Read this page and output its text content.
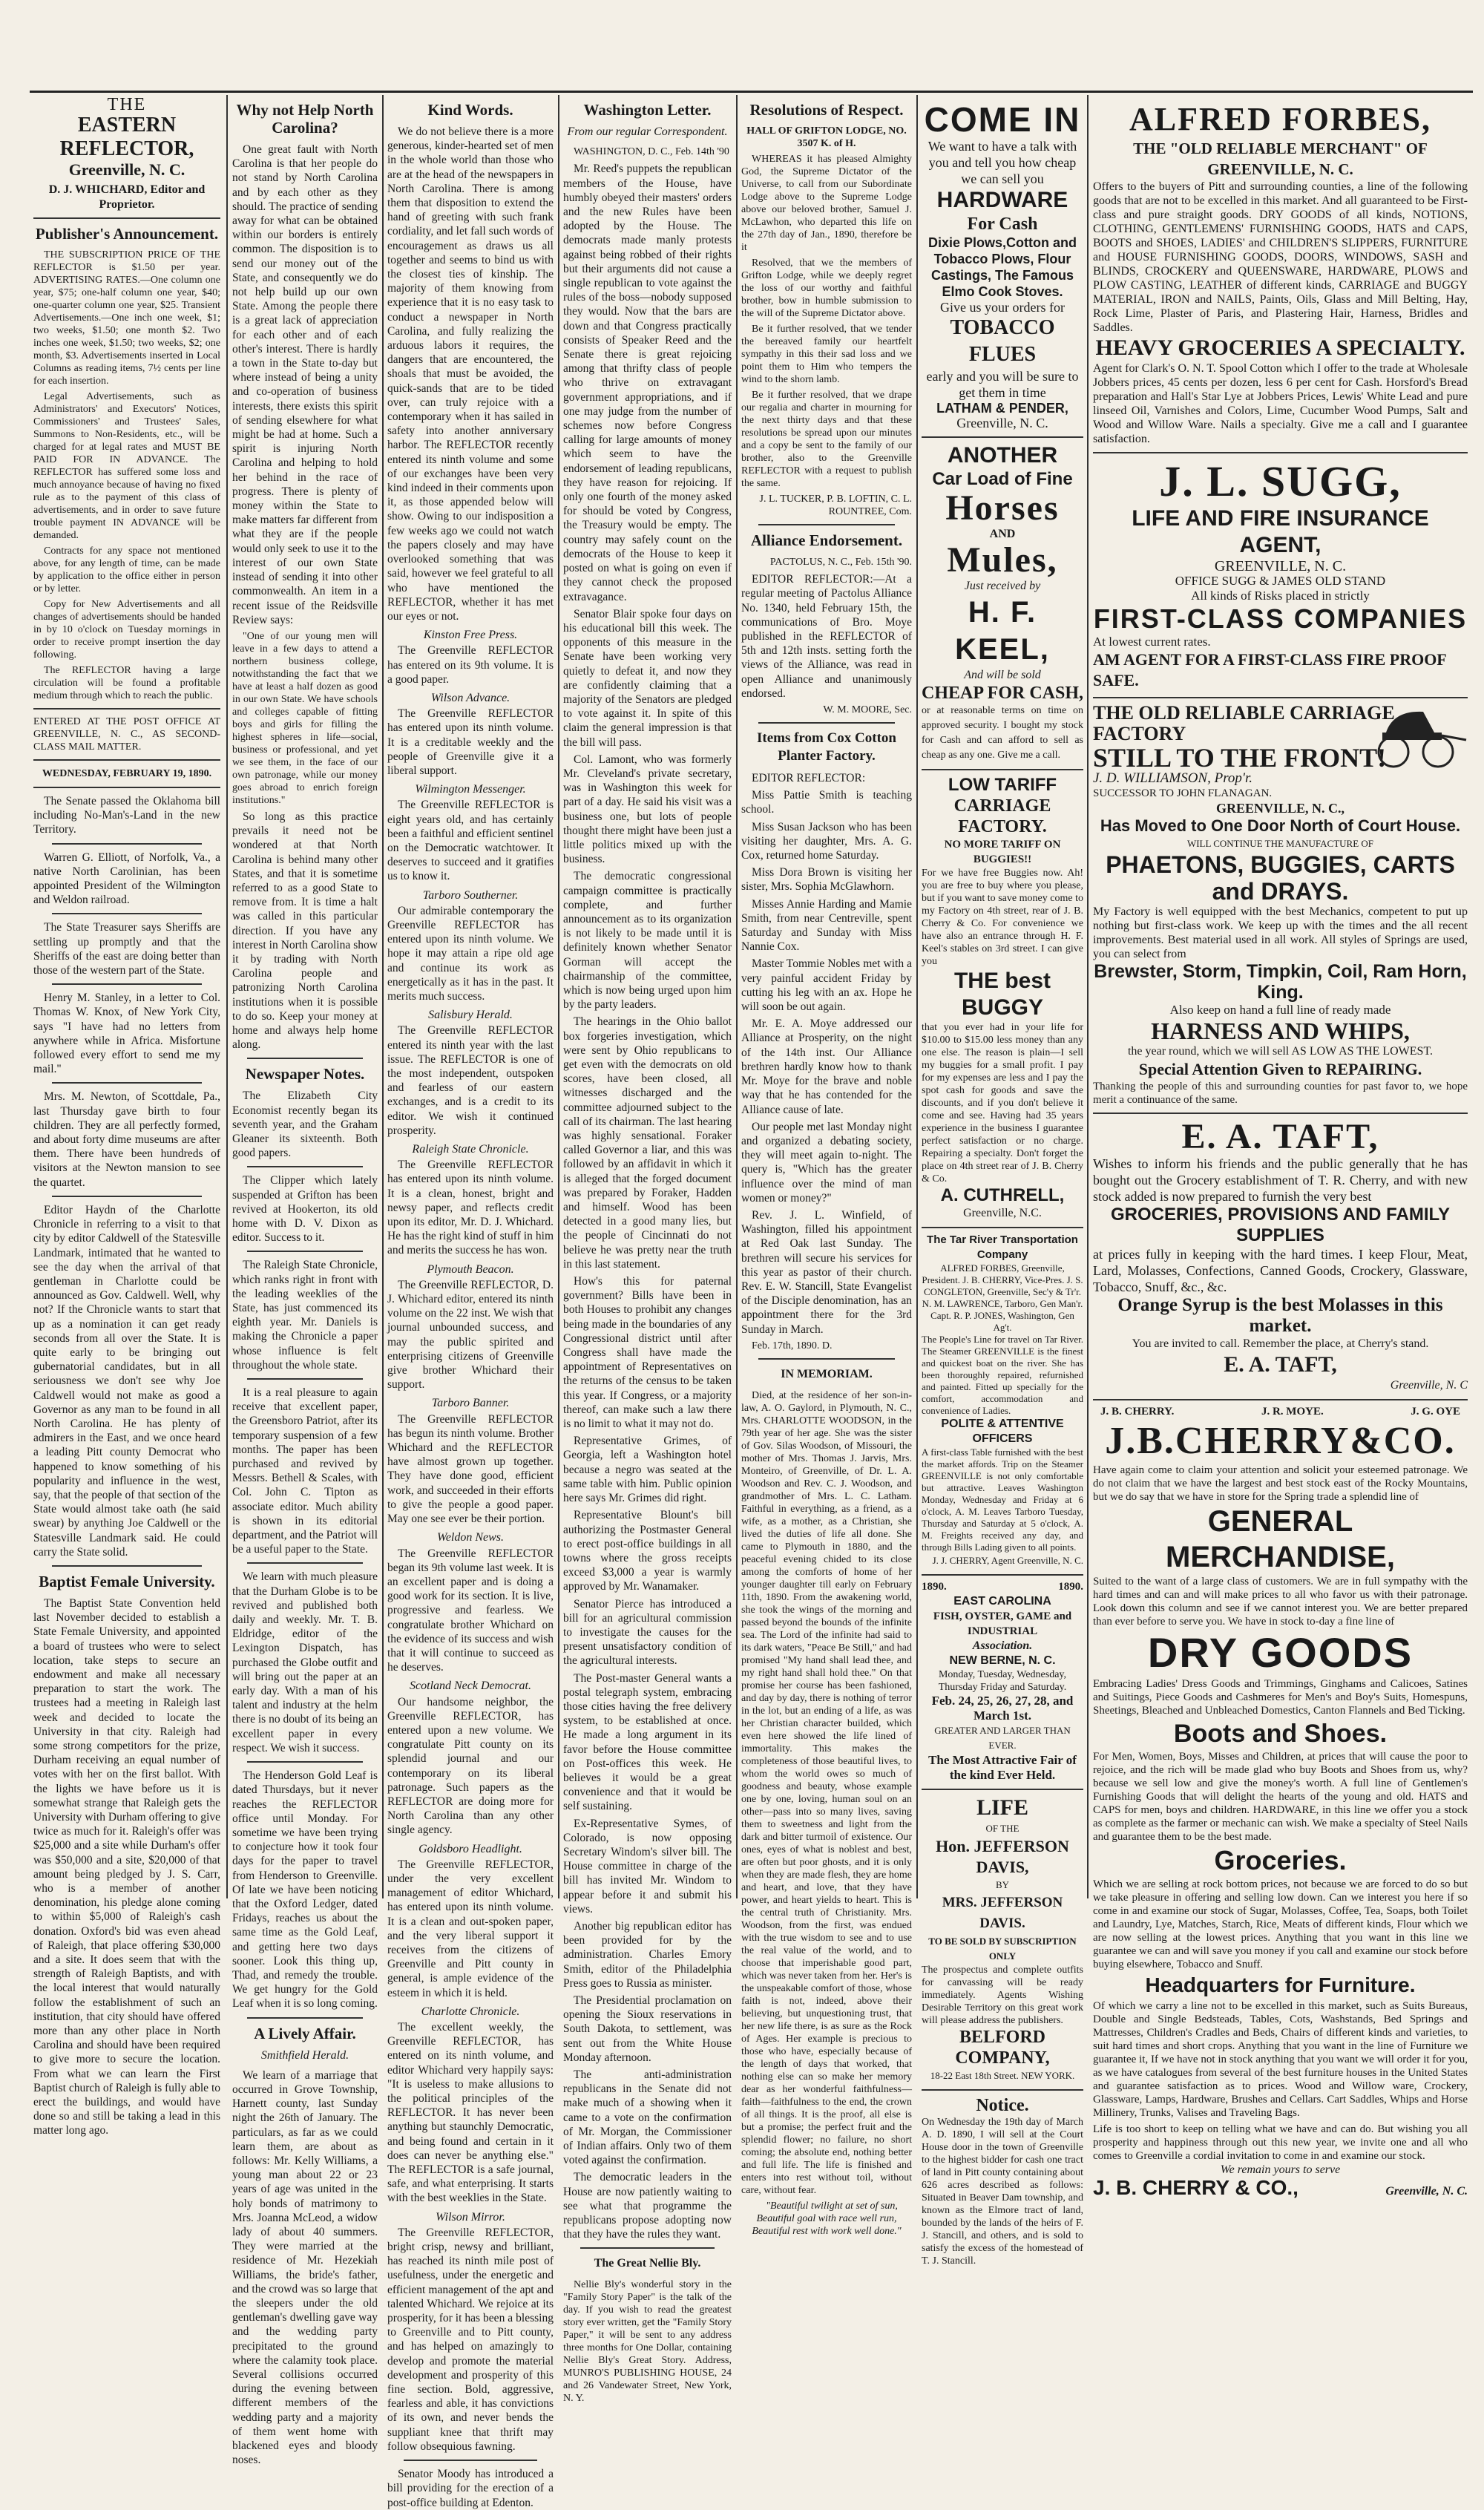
THE
EASTERN REFLECTOR,
Greenville, N. C.
D. J. WHICHARD, Editor and Proprietor.
Publisher's Announcement.

THE SUBSCRIPTION PRICE OF THE REFLECTOR is $1.50 per year. ADVERTISING RATES.—One column one year, $75; one-half column one year, $40; one-quarter column one year, $25. Transient Advertisements.—One inch one week, $1; two weeks, $1.50; one month $2. Two inches one week, $1.50; two weeks, $2; one month, $3. Advertisements inserted in Local Columns as reading items, 7½ cents per line for each insertion.

Legal Advertisements, such as Administrators' and Executors' Notices, Commissioners' and Trustees' Sales, Summons to Non-Residents, etc., will be charged for at legal rates and MUST BE PAID FOR IN ADVANCE. The REFLECTOR has suffered some loss and much annoyance because of having no fixed rule as to the payment of this class of advertisements, and in order to save future trouble payment IN ADVANCE will be demanded.

Contracts for any space not mentioned above, for any length of time, can be made by application to the office either in person or by letter.

Copy for New Advertisements and all changes of advertisements should be handed in by 10 o'clock on Tuesday mornings in order to receive prompt insertion the day following.

The REFLECTOR having a large circulation will be found a profitable medium through which to reach the public.

ENTERED AT THE POST OFFICE AT GREENVILLE, N. C., AS SECOND-CLASS MAIL MATTER.

WEDNESDAY, FEBRUARY 19, 1890.

The Senate passed the Oklahoma bill including No-Man's-Land in the new Territory.

Warren G. Elliott, of Norfolk, Va., a native North Carolinian, has been appointed President of the Wilmington and Weldon railroad.

The State Treasurer says Sheriffs are settling up promptly and that the Sheriffs of the east are doing better than those of the western part of the State.

Henry M. Stanley, in a letter to Col. Thomas W. Knox, of New York City, says "I have had no letters from anywhere while in Africa. Misfortune followed every effort to send me my mail."

Mrs. M. Newton, of Scottdale, Pa., last Thursday gave birth to four children. They are all perfectly formed, and about forty dime museums are after them. There have been hundreds of visitors at the Newton mansion to see the quartet.

Editor Haydn of the Charlotte Chronicle in referring to a visit to that city by editor Caldwell of the Statesville Landmark, intimated that he wanted to see the day when the arrival of that gentleman in Charlotte could be announced as Gov. Caldwell. Well, why not? If the Chronicle wants to start that up as a nomination it can get ready seconds from all over the State. It is quite early to be bringing out gubernatorial candidates, but in all seriousness we don't see why Joe Caldwell would not make as good a Governor as any man to be found in all North Carolina. He has plenty of admirers in the East, and we once heard a leading Pitt county Democrat who happened to know something of his popularity and influence in the west, say, that the people of that section of the State would almost take oath (he said swear) by anything Joe Caldwell or the Statesville Landmark said. He could carry the State solid.

Baptist Female University.

The Baptist State Convention held last November decided to establish a State Female University, and appointed a board of trustees who were to select location, take steps to secure an endowment and make all necessary preparation to start the work. The trustees had a meeting in Raleigh last week and decided to locate the University in that city. Raleigh had some strong competitors for the prize, Durham receiving an equal number of votes with her on the first ballot. With the lights we have before us it is somewhat strange that Raleigh gets the University with Durham offering to give twice as much for it. Raleigh's offer was $25,000 and a site while Durham's offer was $50,000 and a site, $20,000 of that amount being pledged by J. S. Carr, who is a member of another denomination, his pledge alone coming to within $5,000 of Raleigh's cash donation. Oxford's bid was even ahead of Raleigh, that place offering $30,000 and a site. It does seem that with the strength of Raleigh Baptists, and with the local interest that would naturally follow the establishment of such an institution, that city should have offered more than any other place in North Carolina and should have been required to give more to secure the location. From what we can learn the First Baptist church of Raleigh is fully able to erect the buildings, and would have done so and still be taking a lead in this matter long ago.

Why not Help North Carolina?

One great fault with North Carolina is that her people do not stand by North Carolina and by each other as they should. The practice of sending away for what can be obtained within our borders is entirely common. The disposition is to send our money out of the State, and consequently we do not help build up our own State. Among the people there is a great lack of appreciation for each other and of each other's interest. There is hardly a town in the State to-day but where instead of being a unity and co-operation of business interests, there exists this spirit of sending elsewhere for what might be had at home. Such a spirit is injuring North Carolina and helping to hold her behind in the race of progress. There is plenty of money within the State to make matters far different from what they are if the people would only seek to use it to the interest of our own State instead of sending it into other commonwealth. An item in a recent issue of the Reidsville Review says:

"One of our young men will leave in a few days to attend a northern business college, notwithstanding the fact that we have at least a half dozen as good in our own State. We have schools and colleges capable of fitting boys and girls for filling the highest spheres in life—social, business or professional, and yet we see them, in the face of our own patronage, while our money goes abroad to enrich foreign institutions."

So long as this practice prevails it need not be wondered at that North Carolina is behind many other States, and that it is sometime referred to as a good State to remove from. It is time a halt was called in this particular direction. If you have any interest in North Carolina show it by trading with North Carolina people and patronizing North Carolina institutions when it is possible to do so. Keep your money at home and always help home along.

Newspaper Notes.

The Elizabeth City Economist recently began its seventh year, and the Graham Gleaner its sixteenth. Both good papers.

The Clipper which lately suspended at Grifton has been revived at Hookerton, its old home with D. V. Dixon as editor. Success to it.

The Raleigh State Chronicle, which ranks right in front with the leading weeklies of the State, has just commenced its eighth year. Mr. Daniels is making the Chronicle a paper whose influence is felt throughout the whole state.

It is a real pleasure to again receive that excellent paper, the Greensboro Patriot, after its temporary suspension of a few months. The paper has been purchased and revived by Messrs. Bethell & Scales, with Col. John C. Tipton as associate editor. Much ability is shown in its editorial department, and the Patriot will be a useful paper to the State.

We learn with much pleasure that the Durham Globe is to be revived and published both daily and weekly. Mr. T. B. Eldridge, editor of the Lexington Dispatch, has purchased the Globe outfit and will bring out the paper at an early day. With a man of his talent and industry at the helm there is no doubt of its being an excellent paper in every respect. We wish it success.

The Henderson Gold Leaf is dated Thursdays, but it never reaches the REFLECTOR office until Monday. For sometime we have been trying to conjecture how it took four days for the paper to travel from Henderson to Greenville. Of late we have been noticing that the Oxford Ledger, dated Fridays, reaches us about the same time as the Gold Leaf, and getting here two days sooner. Look this thing up, Thad, and remedy the trouble. We get hungry for the Gold Leaf when it is so long coming.

A Lively Affair.
Smithfield Herald.

We learn of a marriage that occurred in Grove Township, Harnett county, last Sunday night the 26th of January. The particulars, as far as we could learn them, are about as follows: Mr. Kelly Williams, a young man about 22 or 23 years of age was united in the holy bonds of matrimony to Mrs. Joanna McLeod, a widow lady of about 40 summers. They were married at the residence of Mr. Hezekiah Williams, the bride's father, and the crowd was so large that the sleepers under the old gentleman's dwelling gave way and the wedding party precipitated to the ground where the calamity took place. Several collisions occurred during the evening between different members of the wedding party and a majority of them went home with blackened eyes and bloody noses.

Kind Words.

We do not believe there is a more generous, kinder-hearted set of men in the whole world than those who are at the head of the newspapers in North Carolina. There is among them that disposition to extend the hand of greeting with such frank cordiality, and let fall such words of encouragement as draws us all together and seems to bind us with the closest ties of kinship. The majority of them knowing from experience that it is no easy task to conduct a newspaper in North Carolina, and fully realizing the arduous labors it requires, the dangers that are encountered, the shoals that must be avoided, the quick-sands that are to be tided over, can truly rejoice with a contemporary when it has sailed in safety into another anniversary harbor. The REFLECTOR recently entered its ninth volume and some of our exchanges have been very kind indeed in their comments upon it, as those appended below will show. Owing to our indisposition a few weeks ago we could not watch the papers closely and may have overlooked something that was said, however we feel grateful to all who have mentioned the REFLECTOR, whether it has met our eyes or not.

Kinston Free Press.

The Greenville REFLECTOR has entered on its 9th volume. It is a good paper.

Wilson Advance.

The Greenville REFLECTOR has entered upon its ninth volume. It is a creditable weekly and the people of Greenville give it a liberal support.

Wilmington Messenger.

The Greenville REFLECTOR is eight years old, and has certainly been a faithful and efficient sentinel on the Democratic watchtower. It deserves to succeed and it gratifies us to know it.

Tarboro Southerner.

Our admirable contemporary the Greenville REFLECTOR has entered upon its ninth volume. We hope it may attain a ripe old age and continue its work as energetically as it has in the past. It merits much success.

Salisbury Herald.

The Greenville REFLECTOR entered its ninth year with the last issue. The REFLECTOR is one of the most independent, outspoken and fearless of our eastern exchanges, and is a credit to its editor. We wish it continued prosperity.

Raleigh State Chronicle.

The Greenville REFLECTOR has entered upon its ninth volume. It is a clean, honest, bright and newsy paper, and reflects credit upon its editor, Mr. D. J. Whichard. He has the right kind of stuff in him and merits the success he has won.

Plymouth Beacon.

The Greenville REFLECTOR, D. J. Whichard editor, entered its ninth volume on the 22 inst. We wish that journal unbounded success, and may the public spirited and enterprising citizens of Greenville give brother Whichard their support.

Tarboro Banner.

The Greenville REFLECTOR has begun its ninth volume. Brother Whichard and the REFLECTOR have almost grown up together. They have done good, efficient work, and succeeded in their efforts to give the people a good paper. May one see ever be their portion.

Weldon News.

The Greenville REFLECTOR began its 9th volume last week. It is an excellent paper and is doing a good work for its section. It is live, progressive and fearless. We congratulate brother Whichard on the evidence of its success and wish that it will continue to succeed as he deserves.

Scotland Neck Democrat.

Our handsome neighbor, the Greenville REFLECTOR, has entered upon a new volume. We congratulate Pitt county on its splendid journal and our contemporary on its liberal patronage. Such papers as the REFLECTOR are doing more for North Carolina than any other single agency.

Goldsboro Headlight.

The Greenville REFLECTOR, under the very excellent management of editor Whichard, has entered upon its ninth volume. It is a clean and out-spoken paper, and the very liberal support it receives from the citizens of Greenville and Pitt county in general, is ample evidence of the esteem in which it is held.

Charlotte Chronicle.

The excellent weekly, the Greenville REFLECTOR, has entered on its ninth volume, and editor Whichard very happily says: "It is useless to make allusions to the political principles of the REFLECTOR. It has never been anything but staunchly Democratic, and being found and certain in it does can never be anything else." The REFLECTOR is a safe journal, safe, and what enterprising. It starts with the best weeklies in the State.

Wilson Mirror.

The Greenville REFLECTOR, bright crisp, newsy and brilliant, has reached its ninth mile post of usefulness, under the energetic and efficient management of the apt and talented Whichard. We rejoice at its prosperity, for it has been a blessing to Greenville and to Pitt county, and has helped on amazingly to develop and promote the material development and prosperity of this fine section. Bold, aggressive, fearless and able, it has convictions of its own, and never bends the suppliant knee that thrift may follow obsequious fawning.

Senator Moody has introduced a bill providing for the erection of a post-office building at Edenton.

Washington Letter.
From our regular Correspondent.

WASHINGTON, D. C., Feb. 14th '90

Mr. Reed's puppets the republican members of the House, have humbly obeyed their masters' orders and the new Rules have been adopted by the House. The democrats made manly protests against being robbed of their rights but their arguments did not cause a single republican to vote against the rules of the boss—nobody supposed they would. Now that the bars are down and that Congress practically consists of Speaker Reed and the Senate there is great rejoicing among that thrifty class of people who thrive on extravagant government appropriations, and if one may judge from the number of schemes now before Congress calling for large amounts of money which seem to have the endorsement of leading republicans, they have reason for rejoicing. If only one fourth of the money asked for should be voted by Congress, the Treasury would be empty. The country may safely count on the democrats of the House to keep it posted on what is going on even if they cannot check the proposed extravagance.

Senator Blair spoke four days on his educational bill this week. The opponents of this measure in the Senate have been working very quietly to defeat it, and now they are confidently claiming that a majority of the Senators are pledged to vote against it. In spite of this claim the general impression is that the bill will pass.

Col. Lamont, who was formerly Mr. Cleveland's private secretary, was in Washington this week for part of a day. He said his visit was a business one, but lots of people thought there might have been just a little politics mixed up with the business.

The democratic congressional campaign committee is practically complete, and further announcement as to its organization is not likely to be made until it is definitely known whether Senator Gorman will accept the chairmanship of the committee, which is now being urged upon him by the party leaders.

The hearings in the Ohio ballot box forgeries investigation, which were sent by Ohio republicans to get even with the democrats on old scores, have been closed, all witnesses discharged and the committee adjourned subject to the call of its chairman. The last hearing was highly sensational. Foraker called Governor a liar, and this was followed by an affidavit in which it is alleged that the forged document was prepared by Foraker, Hadden and himself. Wood has been detected in a good many lies, but the people of Cincinnati do not believe he was pretty near the truth in this last statement.

How's this for paternal government? Bills have been in both Houses to prohibit any changes being made in the boundaries of any Congressional district until after Congress shall have made the appointment of Representatives on the returns of the census to be taken this year. If Congress, or a majority thereof, can make such a law there is no limit to what it may not do.

Representative Grimes, of Georgia, left a Washington hotel because a negro was seated at the same table with him. Public opinion here says Mr. Grimes did right.

Representative Blount's bill authorizing the Postmaster General to erect post-office buildings in all towns where the gross receipts exceed $3,000 a year is warmly approved by Mr. Wanamaker.

Senator Pierce has introduced a bill for an agricultural commission to investigate the causes for the present unsatisfactory condition of the agricultural interests.

The Post-master General wants a postal telegraph system, embracing those cities having the free delivery system, to be established at once. He made a long argument in its favor before the House committee on Post-offices this week. He believes it would be a great convenience and that it would be self sustaining.

Ex-Representative Symes, of Colorado, is now opposing Secretary Windom's silver bill. The House committee in charge of the bill has invited Mr. Windom to appear before it and submit his views.

Another big republican editor has been provided for by the administration. Charles Emory Smith, editor of the Philadelphia Press goes to Russia as minister.

The Presidential proclamation on opening the Sioux reservations in South Dakota, to settlement, was sent out from the White House Monday afternoon.

The anti-administration republicans in the Senate did not make much of a showing when it came to a vote on the confirmation of Mr. Morgan, the Commissioner of Indian affairs. Only two of them voted against the confirmation.

The democratic leaders in the House are now patiently waiting to see what that programme the republicans propose adopting now that they have the rules they want.

The Great Nellie Bly.

Nellie Bly's wonderful story in the "Family Story Paper" is the talk of the day. If you wish to read the greatest story ever written, get the "Family Story Paper," it will be sent to any address three months for One Dollar, containing Nellie Bly's Great Story. Address, MUNRO'S PUBLISHING HOUSE, 24 and 26 Vandewater Street, New York, N. Y.

Resolutions of Respect.
HALL OF GRIFTON LODGE, NO. 3507 K. of H.

WHEREAS it has pleased Almighty God, the Supreme Dictator of the Universe, to call from our Subordinate Lodge above to the Supreme Lodge above our beloved brother, Samuel J. McLawhon, who departed this life on the 27th day of Jan., 1890, therefore be it

Resolved, that we the members of Grifton Lodge, while we deeply regret the loss of our worthy and faithful brother, bow in humble submission to the will of the Supreme Dictator above.

Be it further resolved, that we tender the bereaved family our heartfelt sympathy in this their sad loss and we point them to Him who tempers the wind to the shorn lamb.

Be it further resolved, that we drape our regalia and charter in mourning for the next thirty days and that these resolutions be spread upon our minutes and a copy be sent to the family of our brother, also to the Greenville REFLECTOR with a request to publish the same.

J. L. TUCKER, P. B. LOFTIN, C. L. ROUNTREE, Com.

Alliance Endorsement.

PACTOLUS, N. C., Feb. 15th '90.

EDITOR REFLECTOR:—At a regular meeting of Pactolus Alliance No. 1340, held February 15th, the communications of Bro. Moye published in the REFLECTOR of 5th and 12th insts. setting forth the views of the Alliance, was read in open Alliance and unanimously endorsed.

W. M. MOORE, Sec.

Items from Cox Cotton Planter Factory.

EDITOR REFLECTOR:

Miss Pattie Smith is teaching school.

Miss Susan Jackson who has been visiting her daughter, Mrs. A. G. Cox, returned home Saturday.

Miss Dora Brown is visiting her sister, Mrs. Sophia McGlawhorn.

Misses Annie Harding and Mamie Smith, from near Centreville, spent Saturday and Sunday with Miss Nannie Cox.

Master Tommie Nobles met with a very painful accident Friday by cutting his leg with an ax. Hope he will soon be out again.

Mr. E. A. Moye addressed our Alliance at Prosperity, on the night of the 14th inst. Our Alliance brethren hardly know how to thank Mr. Moye for the brave and noble way that he has contended for the Alliance cause of late.

Our people met last Monday night and organized a debating society, they will meet again to-night. The query is, "Which has the greater influence over the mind of man women or money?"

Rev. J. L. Winfield, of Washington, filled his appointment at Red Oak last Sunday. The brethren will secure his services for this year as pastor of their church. Rev. E. W. Stancill, State Evangelist of the Disciple denomination, has an appointment there for the 3rd Sunday in March.

Feb. 17th, 1890. D.

IN MEMORIAM.

Died, at the residence of her son-in-law, A. O. Gaylord, in Plymouth, N. C., Mrs. CHARLOTTE WOODSON, in the 79th year of her age. She was the sister of Gov. Silas Woodson, of Missouri, the mother of Mrs. Thomas J. Jarvis, Mrs. Monteiro, of Greenville, of Dr. L. A. Woodson and Rev. C. J. Woodson, and grandmother of Mrs. L. C. Latham. Faithful in everything, as a friend, as a wife, as a mother, as a Christian, she lived the duties of life all done. She came to Plymouth in 1880, and the peaceful evening chided to its close among the comforts of home of her younger daughter till early on February 11th, 1890. From the awakening world, she took the wings of the morning and passed beyond the bounds of the infinite sea. The Lord of the infinite had said to its dark waters, "Peace Be Still," and had promised "My hand shall lead thee, and my right hand shall hold thee." On that promise her course has been fashioned, and day by day, there is nothing of terror in the lot, but an ending of a life, as was her Christian character builded, which even here showed the life lined of immortality. This makes the completeness of those beautiful lives, to whom the world owes so much of goodness and beauty, whose example one by one, loving, human soul on an other—pass into so many lives, saving them to sweetness and light from the dark and bitter turmoil of existence. Our ones, eyes of what is noblest and best, are often but poor ghosts, and it is only when they are made flesh, they are home and heart, and love, that they have power, and heart yields to heart. This is the central truth of Christianity. Mrs. Woodson, from the first, was endued with the true wisdom to see and to use the real value of the world, and to choose that imperishable good part, which was never taken from her. Her's is the unspeakable comfort of those, whose faith is not, indeed, above their believing, but unquestioning trust, that her new life there, is as sure as the Rock of Ages. Her example is precious to those who have, especially because of the length of days that worked, that nothing else can so make her memory dear as her wonderful faithfulness—faith—faithfulness to the end, the crown of all things. It is the proof, all else is but a promise; the perfect fruit and the splendid flower; no failure, no short coming; the absolute end, nothing better and full life. The life is finished and enters into rest without toil, without care, without fear.

"Beautiful twilight at set of sun, Beautiful goal with race well run, Beautiful rest with work well done."

COME IN
We want to have a talk with you and tell you how cheap we can sell you
HARDWARE
For Cash
Dixie Plows,Cotton and Tobacco Plows, Flour Castings, The Famous Elmo Cook Stoves.
Give us your orders for
TOBACCO FLUES
early and you will be sure to get them in time
LATHAM & PENDER,
Greenville, N. C.
ANOTHER
Car Load of Fine
Horses
AND
Mules,
Just received by
H. F. KEEL,
And will be sold
CHEAP FOR CASH,
or at reasonable terms on time on approved security. I bought my stock for Cash and can afford to sell as cheap as any one. Give me a call.
LOW TARIFF
CARRIAGE FACTORY.
NO MORE TARIFF ON BUGGIES!!
For we have free Buggies now. Ah! you are free to buy where you please, but if you want to save money come to my Factory on 4th street, rear of J. B. Cherry & Co. For convenience we have also an entrance through H. F. Keel's stables on 3rd street. I can give you
THE best BUGGY
that you ever had in your life for $10.00 to $15.00 less money than any one else. The reason is plain—I sell my buggies for a small profit. I pay for my expenses are less and I pay the spot cash for goods and save the discounts, and if you don't believe it come and see. Having had 35 years experience in the business I guarantee perfect satisfaction or no charge. Repairing a specialty. Don't forget the place on 4th street rear of J. B. Cherry & Co.
A. CUTHRELL,
Greenville, N.C.
The Tar River Transportation Company
ALFRED FORBES, Greenville, President. J. B. CHERRY, Vice-Pres. J. S. CONGLETON, Greenville, Sec'y & Tr'r. N. M. LAWRENCE, Tarboro, Gen Man'r. Capt. R. P. JONES, Washington, Gen Ag't.
The People's Line for travel on Tar River. The Steamer GREENVILLE is the finest and quickest boat on the river. She has been thoroughly repaired, refurnished and painted. Fitted up specially for the comfort, accommodation and convenience of Ladies.
POLITE & ATTENTIVE OFFICERS
A first-class Table furnished with the best the market affords. Trip on the Steamer GREENVILLE is not only comfortable but attractive. Leaves Washington Monday, Wednesday and Friday at 6 o'clock, A. M. Leaves Tarboro Tuesday, Thursday and Saturday at 5 o'clock, A. M. Freights received any day, and through Bills Lading given to all points.
J. J. CHERRY, Agent Greenville, N. C.
1890.	1890.
EAST CAROLINA
FISH, OYSTER, GAME and INDUSTRIAL
Association.
NEW BERNE, N. C.
Monday, Tuesday, Wednesday, Thursday Friday and Saturday.
Feb. 24, 25, 26, 27, 28, and March 1st.
GREATER AND LARGER THAN EVER.
The Most Attractive Fair of the kind Ever Held.
LIFE
OF THE
Hon. JEFFERSON DAVIS,
BY
MRS. JEFFERSON DAVIS.
TO BE SOLD BY SUBSCRIPTION ONLY
The prospectus and complete outfits for canvassing will be ready immediately. Agents Wishing Desirable Territory on this great work will please address the publishers.
BELFORD COMPANY,
18-22 East 18th Street. NEW YORK.
Notice.
On Wednesday the 19th day of March A. D. 1890, I will sell at the Court House door in the town of Greenville to the highest bidder for cash one tract of land in Pitt county containing about 626 acres described as follows: Situated in Beaver Dam township, and known as the Elmore tract of land, bounded by the lands of the heirs of F. J. Stancill, and others, and is sold to satisfy the excess of the homestead of T. J. Stancill.
ALFRED FORBES,
THE "OLD RELIABLE MERCHANT" OF GREENVILLE, N. C.
Offers to the buyers of Pitt and surrounding counties, a line of the following goods that are not to be excelled in this market. And all guaranteed to be First-class and pure straight goods. DRY GOODS of all kinds, NOTIONS, CLOTHING, GENTLEMENS' FURNISHING GOODS, HATS and CAPS, BOOTS and SHOES, LADIES' and CHILDREN'S SLIPPERS, FURNITURE and HOUSE FURNISHING GOODS, DOORS, WINDOWS, SASH and BLINDS, CROCKERY and QUEENSWARE, HARDWARE, PLOWS and PLOW CASTING, LEATHER of different kinds, CARRIAGE and BUGGY MATERIAL, IRON and NAILS, Paints, Oils, Glass and Mill Belting, Hay, Rock Lime, Plaster of Paris, and Plastering Hair, Harness, Bridles and Saddles.
HEAVY GROCERIES A SPECIALTY.
Agent for Clark's O. N. T. Spool Cotton which I offer to the trade at Wholesale Jobbers prices, 45 cents per dozen, less 6 per cent for Cash. Horsford's Bread preparation and Hall's Star Lye at Jobbers Prices, Lewis' White Lead and pure linseed Oil, Varnishes and Colors, Lime, Cucumber Wood Pumps, Salt and Wood and Willow Ware. Nails a specialty. Give me a call and I guarantee satisfaction.
J. L. SUGG,
LIFE AND FIRE INSURANCE AGENT,
GREENVILLE, N. C.
OFFICE SUGG & JAMES OLD STAND
All kinds of Risks placed in strictly
FIRST-CLASS COMPANIES
At lowest current rates.
AM AGENT FOR A FIRST-CLASS FIRE PROOF SAFE.
THE OLD RELIABLE CARRIAGE FACTORY
STILL TO THE FRONT!
J. D. WILLIAMSON, Prop'r.
SUCCESSOR TO JOHN FLANAGAN.
GREENVILLE, N. C.,
Has Moved to One Door North of Court House.
WILL CONTINUE THE MANUFACTURE OF
PHAETONS, BUGGIES, CARTS and DRAYS.
My Factory is well equipped with the best Mechanics, competent to put up nothing but first-class work. We keep up with the times and the all recent improvements. Best material used in all work. All styles of Springs are used, you can select from
Brewster, Storm, Timpkin, Coil, Ram Horn, King.
Also keep on hand a full line of ready made
HARNESS AND WHIPS,
the year round, which we will sell AS LOW AS THE LOWEST.
Special Attention Given to REPAIRING.
Thanking the people of this and surrounding counties for past favor to, we hope merit a continuance of the same.
E. A. TAFT,
Wishes to inform his friends and the public generally that he has bought out the Grocery establishment of T. R. Cherry, and with new stock added is now prepared to furnish the very best
GROCERIES, PROVISIONS AND FAMILY SUPPLIES
at prices fully in keeping with the hard times. I keep Flour, Meat, Lard, Molasses, Confections, Canned Goods, Crockery, Glassware, Tobacco, Snuff, &c., &c.
Orange Syrup is the best Molasses in this market.
You are invited to call. Remember the place, at Cherry's stand.
E. A. TAFT,
Greenville, N. C
J. B. CHERRY.	J. R. MOYE.	J. G. OYE
J.B.CHERRY&CO.
Have again come to claim your attention and solicit your esteemed patronage. We do not claim that we have the largest and best stock east of the Rocky Mountains, but we do say that we have in store for the Spring trade a splendid line of
GENERAL MERCHANDISE,
Suited to the want of a large class of customers. We are in full sympathy with the hard times and can and will make prices to all who favor us with their patronage. Look down this column and see if we cannot interest you. We are better prepared than ever before to serve you. We have in stock to-day a fine line of
DRY GOODS
Embracing Ladies' Dress Goods and Trimmings, Ginghams and Calicoes, Satines and Suitings, Piece Goods and Cashmeres for Men's and Boy's Suits, Homespuns, Sheetings, Bleached and Unbleached Domestics, Canton Flannels and Bed Ticking.
Boots and Shoes.
For Men, Women, Boys, Misses and Children, at prices that will cause the poor to rejoice, and the rich will be made glad who buy Boots and Shoes from us, why? because we sell low and give the money's worth. A full line of Gentlemen's Furnishing Goods that will delight the hearts of the young and old. HATS and CAPS for men, boys and children. HARDWARE, in this line we offer you a stock as complete as the farmer or mechanic can wish. We make a specialty of Steel Nails and guarantee them to be the best made.
Groceries.
Which we are selling at rock bottom prices, not because we are forced to do so but we take pleasure in offering and selling low down. Can we interest you here if so come in and examine our stock of Sugar, Molasses, Coffee, Tea, Soaps, both Toilet and Laundry, Lye, Matches, Starch, Rice, Meats of different kinds, Flour which we are now selling at the lowest prices. Anything that you want in this line we guarantee we can and will save you money if you call and examine our stock before buying elsewhere, Tobacco and Snuff.
Headquarters for Furniture.
Of which we carry a line not to be excelled in this market, such as Suits Bureaus, Double and Single Bedsteads, Tables, Cots, Washstands, Bed Springs and Mattresses, Children's Cradles and Beds, Chairs of different kinds and varieties, to suit hard times and short crops. Anything that you want in the line of Furniture we guarantee it, If we have not in stock anything that you want we will order it for you, as we have catalogues from several of the best furniture houses in the United States and guarantee satisfaction as to prices. Wood and Willow ware, Crockery, Glassware, Lamps, Hardware, Brushes and Cellars. Cart Saddles, Whips and Horse Millinery, Trunks, Valises and Traveling Bags.
Life is too short to keep on telling what we have and can do. But wishing you all prosperity and happiness through out this new year, we invite one and all who comes to Greenville a cordial invitation to come in and examine our stock.
We remain yours to serve
J. B. CHERRY & CO.,	Greenville, N. C.
